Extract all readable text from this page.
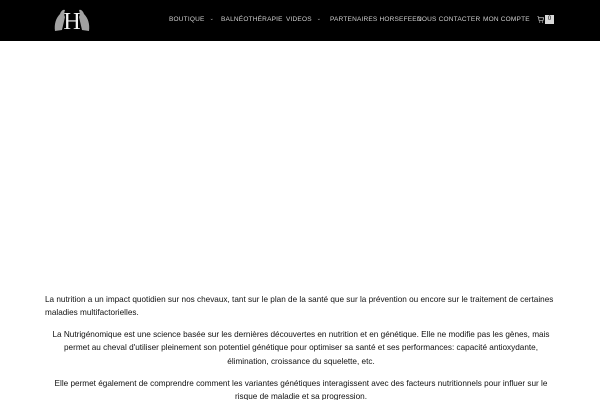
H	BOUTIQUE ⌄ BALNÉOTHÉRAPIE VIDEOS ⌄ PARTENAIRES HORSEFEED
NOUS CONTACTER MON COMPTE	0

La nutrition a un impact quotidien sur nos chevaux, tant sur le plan de la santé que sur la prévention ou encore sur le traitement de certaines maladies multifactorielles.

La Nutrigénomique est une science basée sur les dernières découvertes en nutrition et en génétique. Elle ne modifie pas les gènes, mais permet au cheval d'utiliser pleinement son potentiel génétique pour optimiser sa santé et ses performances: capacité antioxydante, élimination, croissance du squelette, etc.

Elle permet également de comprendre comment les variantes génétiques interagissent avec des facteurs nutritionnels pour influer sur le risque de maladie et sa progression.
